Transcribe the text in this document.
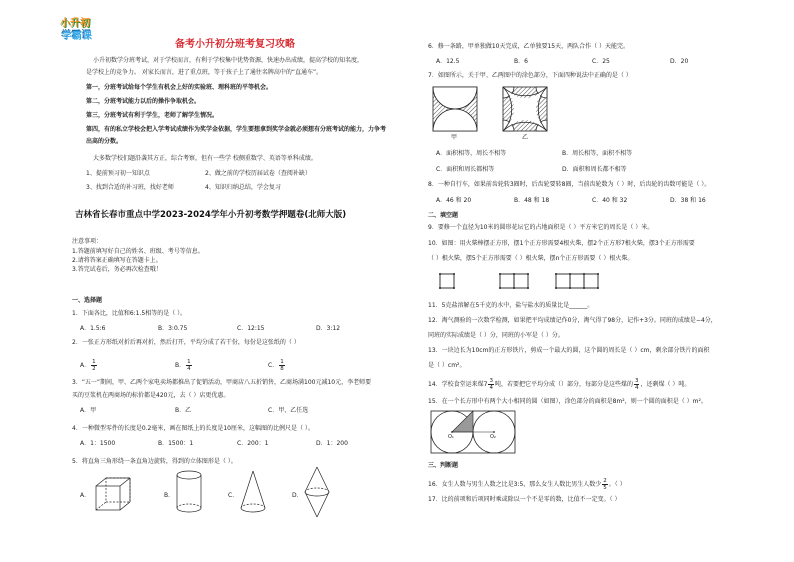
小升初
学霸课
备考小升初分班考复习攻略
小升初数学分班考试，对于学校而言，有利于学校集中优势资源，快速办出成绩，提高学校的知名度，
是学校上的竞争力。 对家长而言，进了重点班，等于孩子上了通往名牌高中的“直通车”。
第一，分班考试给每个学生有机会上好的实验班、理科班的平等机会。
第二，分班考试能力以后的操作争取机会。
第三，分班考试有利于学生，老师了解学生情况。
第四，有的私立学校会把入学考试成绩作为奖学金依据，学生要想拿到奖学金就必须想有分班考试的能力，力争考
出高的分数。
大多数学校们题沿袭其方正，综合考察，但有一些学 校侧重数学、英语等单科成绩。
1、提前预习初一知识点	2、做之前的学校历届试卷（查阅补缺）
3、找到合适的补习班，找好老师	4、知识归纳总结，学会复习
吉林省长春市重点中学2023-2024学年小升初考数学押题卷(北师大版)
注意事项：
1.答题前填写好自己的姓名、班级、考号等信息。
2.请将答案正确填写在答题卡上。
3.答完试卷后，务必再次检查哦！
一、选择题
1．下面各比，比值和6:1.5相等的是（ ）。
A．1.5:6	B．3:0.75	C．12:15	D．3:12
2．一张正方形纸对折后再对折，然后打开，平均分成了若干份，每份是这张纸的（ ）
A． $\frac{1}{2}$	B． $\frac{1}{4}$	C． $\frac{1}{8}$
3．“五一”期间，甲、乙两个家电卖场都推出了促销活动，甲商店八五折销售，乙商场满100元减10元，李老师要
买的豆浆机在两商场的标价都是420元，去（ ）店更优惠。
A．甲	B．乙	C．甲、乙任选
4．一种微型零件的长度是0.2毫米，画在图纸上的长度是10厘米，这幅图的比例尺是（ ）。
A．1：1500	B．1500：1	C．200：1	D．1：200
5．将直角三角形绕一条直角边旋转，得到的立体图形是（ ）。
A．	B．	C．	D．
6．修一条路，甲单独做10天完成，乙单独要15天，两队合作（ ）天能完。
A．12.5	B．6	C．25	D．20
7．如图所示，关于甲、乙两图中的涂色部分，下面四种说法中正确的是（ ）
甲	乙
A．面积相等，周长不相等	B．周长相等，面积不相等
C．面积和周长都相等	D．面积和周长都不相等
8．一种自行车，如果前齿轮转3圈时，后齿轮要转8圈，当前齿轮数为（ ）时，后齿轮的齿数可能是（ ）。
A．46 和 20	B．48 和 18	C．40 和 32	D．38 和 16
二、填空题
9．要修一个直径为10米的圆形花坛它的占地面积是（ ）平方米它的周长是（ ）米。
10．如图：用火柴棒摆正方形，摆1个正方形需要4根火柴，摆2个正方形7根火柴，摆3个正方形需要
（ ）根火柴，摆5个正方形需要（ ）根火柴，摆n个正方形需要（ ）根火柴。
11．5克盐溶解在5千克的水中，盐与盐水的质量比是______。
12．淘气测验的一次数学检测，如果把平均成绩记作0分，淘气得了98分，记作+3分。同班的成绩是−4分，
同班的实际成绩是（ ）分，同班的小军是（ ）分。
13．一块边长为10cm的正方形铁片，剪成一个最大的圆，这个圆的周长是（ ）cm，剩余部分铁片的面积
是（ ）cm²。
14．学校食堂运来煤$7 \frac{3}{4}$ 吨，若要把它平均分成（）部分，每部分是这些煤的 $\frac{3}{4}$ ，还剩煤（ ）吨。
15．在一个长方形中有两个大小相同的圆（如图），涂色部分的面积是8m²，则一个圆的面积是（ ）m²。
O₁	O₂
三、判断题
16．女生人数与男生人数之比是3:5，那么女生人数比男生人数少 $\frac{2}{5}$ 。（ ）
17．比的前项和后项同时乘或除以一个不是零的数，比值不一定变。（ ）
